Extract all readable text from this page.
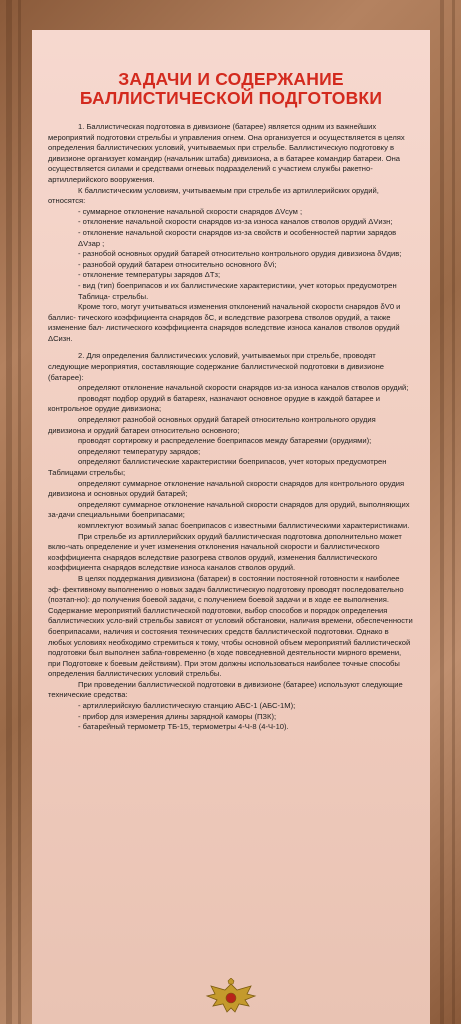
ЗАДАЧИ И СОДЕРЖАНИЕ
БАЛЛИСТИЧЕСКОЙ ПОДГОТОВКИ

1. Баллистическая подготовка в дивизионе (батарее) является одним из важнейших мероприятий подготовки стрельбы и управления огнем. Она организуется и осуществляется в целях определения баллистических условий, учитываемых при стрельбе. Баллистическую подготовку в дивизионе организует командир (начальник штаба) дивизиона, а в батарее командир батареи. Она осуществляется силами и средствами огневых подразделений с участием службы ракетно-артиллерийского вооружения.

К баллистическим условиям, учитываемым при стрельбе из артиллерийских орудий, относятся:

- суммарное отклонение начальной скорости снарядов ΔVсум ;

- отклонение начальной скорости снарядов из-за износа каналов стволов орудий ΔVизн;

- отклонение начальной скорости снарядов из-за свойств и особенностей партии зарядов ΔVзар ;

- разнобой основных орудий батарей относительно контрольного орудия дивизиона δVдив;

- разнобой орудий батареи относительно основного δVi;

- отклонение температуры зарядов ΔTз;

- вид (тип) боеприпасов и их баллистические характеристики, учет которых предусмотрен Таблица- стрельбы.

Кроме того, могут учитываться изменения отклонений начальной скорости снарядов δV0 и баллис- тического коэффициента снарядов δC, и вследствие разогрева стволов орудий, а также изменение бал- листического коэффициента снарядов вследствие износа каналов стволов орудий ΔCизн.

2. Для определения баллистических условий, учитываемых при стрельбе, проводят следующие мероприятия, составляющие содержание баллистической подготовки в дивизионе (батарее):

определяют отклонение начальной скорости снарядов из-за износа каналов стволов орудий;

проводят подбор орудий в батареях, назначают основное орудие в каждой батарее и контрольное орудие дивизиона;

определяют разнобой основных орудий батарей относительно контрольного орудия дивизиона и орудий батареи относительно основного;

проводят сортировку и распределение боеприпасов между батареями (орудиями);

определяют температуру зарядов;

определяют баллистические характеристики боеприпасов, учет которых предусмотрен Таблицами стрельбы;

определяют суммарное отклонение начальной скорости снарядов для контрольного орудия дивизиона и основных орудий батарей;

определяют суммарное отклонение начальной скорости снарядов для орудий, выполняющих за-дачи специальными боеприпасами;

комплектуют возимый запас боеприпасов с известными баллистическими характеристиками.

При стрельбе из артиллерийских орудий баллистическая подготовка дополнительно может вклю-чать определение и учет изменения отклонения начальной скорости и баллистического коэффициента снарядов вследствие разогрева стволов орудий, изменения баллистического коэффициента снарядов вследствие износа каналов стволов орудий.

В целях поддержания дивизиона (батареи) в состоянии постоянной готовности к наиболее эф- фективному выполнению о новых задач баллистическую подготовку проводят последовательно (поэтап-но): до получения боевой задачи, с получением боевой задачи и в ходе ее выполнения. Содержание мероприятий баллистической подготовки, выбор способов и порядок определения баллистических усло-вий стрельбы зависят от условий обстановки, наличия времени, обеспеченности боеприпасами, наличия и состояния технических средств баллистической подготовки. Однако в любых условиях необходимо стремиться к тому, чтобы основной объем мероприятий баллистической подготовки был выполнен забла-говременно (в ходе повседневной деятельности мирного времени, при Подготовке к боевым действиям). При этом должны использоваться наиболее точные способы определения баллистических условий стрельбы.

При проведении баллистической подготовки в дивизионе (батарее) используют следующие технические средства:

- артиллерийскую баллистическую станцию АБС-1 (АБС-1М);

- прибор для измерения длины зарядной каморы (ПЗК);

- батарейный термометр ТБ-15, термометры 4-Ч-8 (4-Ч-10).
